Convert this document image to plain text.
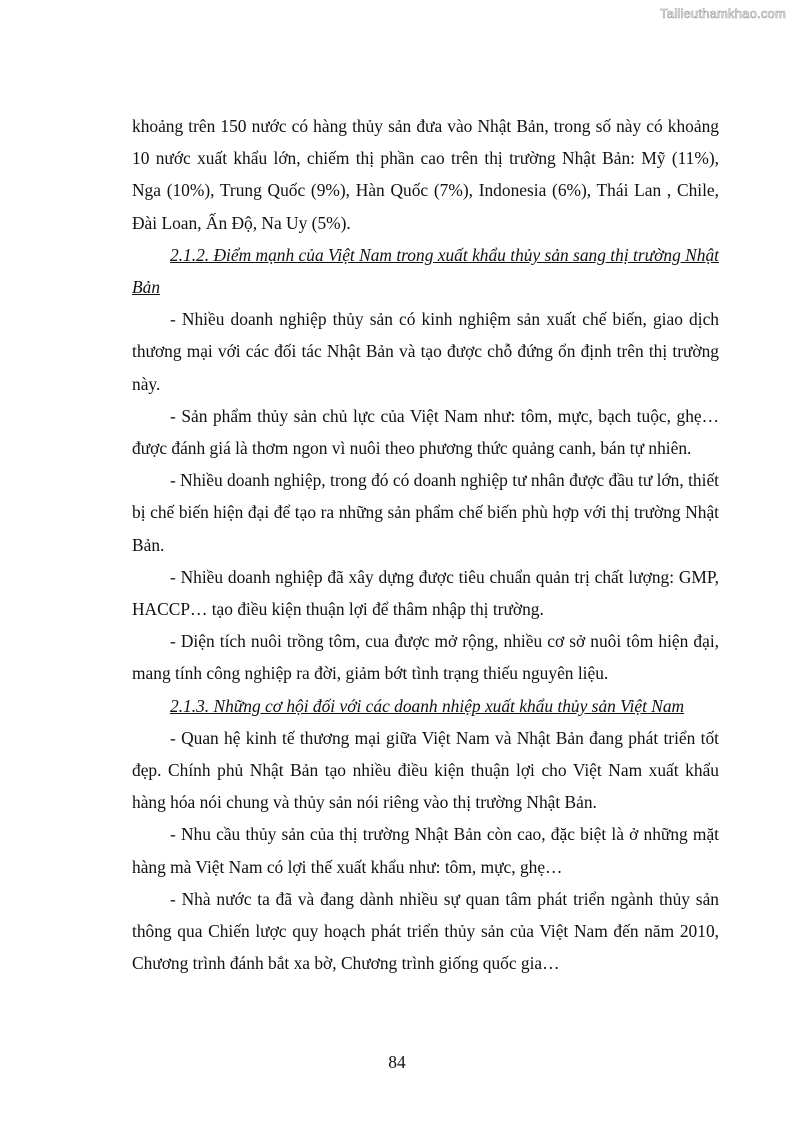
Tailieuthamkhao.com

khoảng trên 150 nước có hàng thủy sản đưa vào Nhật Bản, trong số này có khoảng 10 nước xuất khẩu lớn, chiếm thị phần cao trên thị trường Nhật Bản: Mỹ (11%), Nga (10%), Trung Quốc (9%), Hàn Quốc (7%), Indonesia (6%), Thái Lan , Chile, Đài Loan, Ấn Độ, Na Uy (5%).

2.1.2. Điểm mạnh của Việt Nam trong xuất khẩu thủy sản sang thị trường Nhật Bản

- Nhiều doanh nghiệp thủy sản có kinh nghiệm sản xuất chế biến, giao dịch thương mại với các đối tác Nhật Bản và tạo được chỗ đứng ổn định trên thị trường này.

- Sản phẩm thủy sản chủ lực của Việt Nam như: tôm, mực, bạch tuộc, ghẹ… được đánh giá là thơm ngon vì nuôi theo phương thức quảng canh, bán tự nhiên.

- Nhiều doanh nghiệp, trong đó có doanh nghiệp tư nhân được đầu tư lớn, thiết bị chế biến hiện đại để tạo ra những sản phẩm chế biến phù hợp với thị trường Nhật Bản.

- Nhiều doanh nghiệp đã xây dựng được tiêu chuẩn quản trị chất lượng: GMP, HACCP… tạo điều kiện thuận lợi để thâm nhập thị trường.

- Diện tích nuôi trồng tôm, cua được mở rộng, nhiều cơ sở nuôi tôm hiện đại, mang tính công nghiệp ra đời, giảm bớt tình trạng thiếu nguyên liệu.

2.1.3. Những cơ hội đối với các doanh nhiệp xuất khẩu thủy sản Việt Nam

- Quan hệ kinh tế thương mại giữa Việt Nam và Nhật Bản đang phát triển tốt đẹp. Chính phủ Nhật Bản tạo nhiều điều kiện thuận lợi cho Việt Nam xuất khẩu hàng hóa nói chung và thủy sản nói riêng vào thị trường Nhật Bản.

- Nhu cầu thủy sản của thị trường Nhật Bản còn cao, đặc biệt là ở những mặt hàng mà Việt Nam có lợi thế xuất khẩu như: tôm, mực, ghẹ…

- Nhà nước ta đã và đang dành nhiều sự quan tâm phát triển ngành thủy sản thông qua Chiến lược quy hoạch phát triển thủy sản của Việt Nam đến năm 2010, Chương trình đánh bắt xa bờ, Chương trình giống quốc gia…

84
